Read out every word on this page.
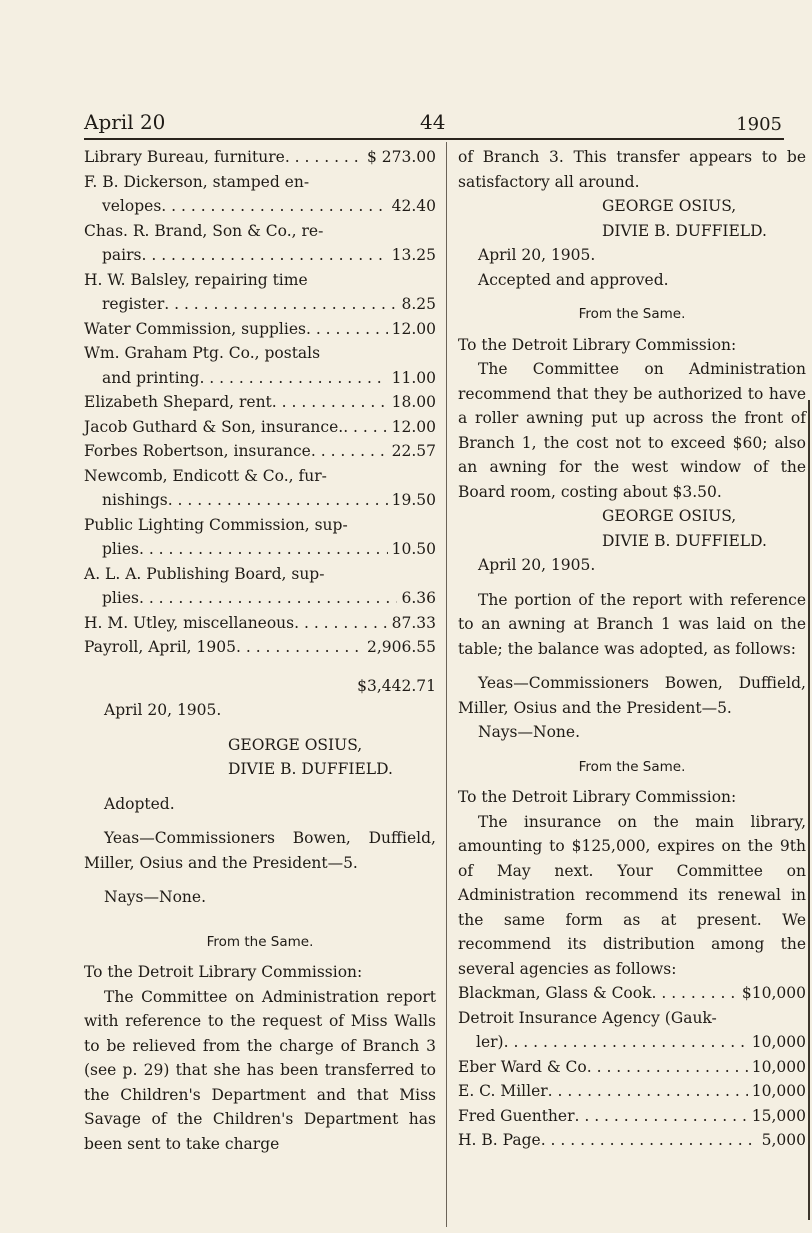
April 20	44	1905
Library Bureau, furniture . . .	$ 273.00
F. B. Dickerson, stamped en-
velopes . . .	42.40
Chas. R. Brand, Son & Co., re-
pairs . . .	13.25
H. W. Balsley, repairing time
register . . .	8.25
Water Commission, supplies . . .	12.00
Wm. Graham Ptg. Co., postals
and printing . . .	11.00
Elizabeth Shepard, rent . . .	18.00
Jacob Guthard & Son, insurance. . . .	12.00
Forbes Robertson, insurance . . .	22.57
Newcomb, Endicott & Co., fur-
nishings . . .	19.50
Public Lighting Commission, sup-
plies . . .	10.50
A. L. A. Publishing Board, sup-
plies . . .	6.36
H. M. Utley, miscellaneous . . .	87.33
Payroll, April, 1905 . . .	2,906.55
$3,442.71
April 20, 1905.
GEORGE OSIUS,
DIVIE B. DUFFIELD.
Adopted.
Yeas—Commissioners Bowen, Duffield, Miller, Osius and the President—5.
Nays—None.
From the Same.
To the Detroit Library Commission:
The Committee on Administration report with reference to the request of Miss Walls to be relieved from the charge of Branch 3 (see p. 29) that she has been transferred to the Children's Department and that Miss Savage of the Children's Department has been sent to take charge
of Branch 3. This transfer appears to be satisfactory all around.
GEORGE OSIUS,
DIVIE B. DUFFIELD.
April 20, 1905.
Accepted and approved.
From the Same.
To the Detroit Library Commission:
The Committee on Administration recommend that they be authorized to have a roller awning put up across the front of Branch 1, the cost not to exceed $60; also an awning for the west window of the Board room, costing about $3.50.
GEORGE OSIUS,
DIVIE B. DUFFIELD.
April 20, 1905.
The portion of the report with reference to an awning at Branch 1 was laid on the table; the balance was adopted, as follows:
Yeas—Commissioners Bowen, Duffield, Miller, Osius and the President—5.
Nays—None.
From the Same.
To the Detroit Library Commission:
The insurance on the main library, amounting to $125,000, expires on the 9th of May next. Your Committee on Administration recommend its renewal in the same form as at present. We recommend its distribution among the several agencies as follows:
Blackman, Glass & Cook . . .	$10,000
Detroit Insurance Agency (Gauk-
ler) . . .	10,000
Eber Ward & Co . . .	10,000
E. C. Miller . . .	10,000
Fred Guenther . . .	15,000
H. B. Page . . .	5,000
